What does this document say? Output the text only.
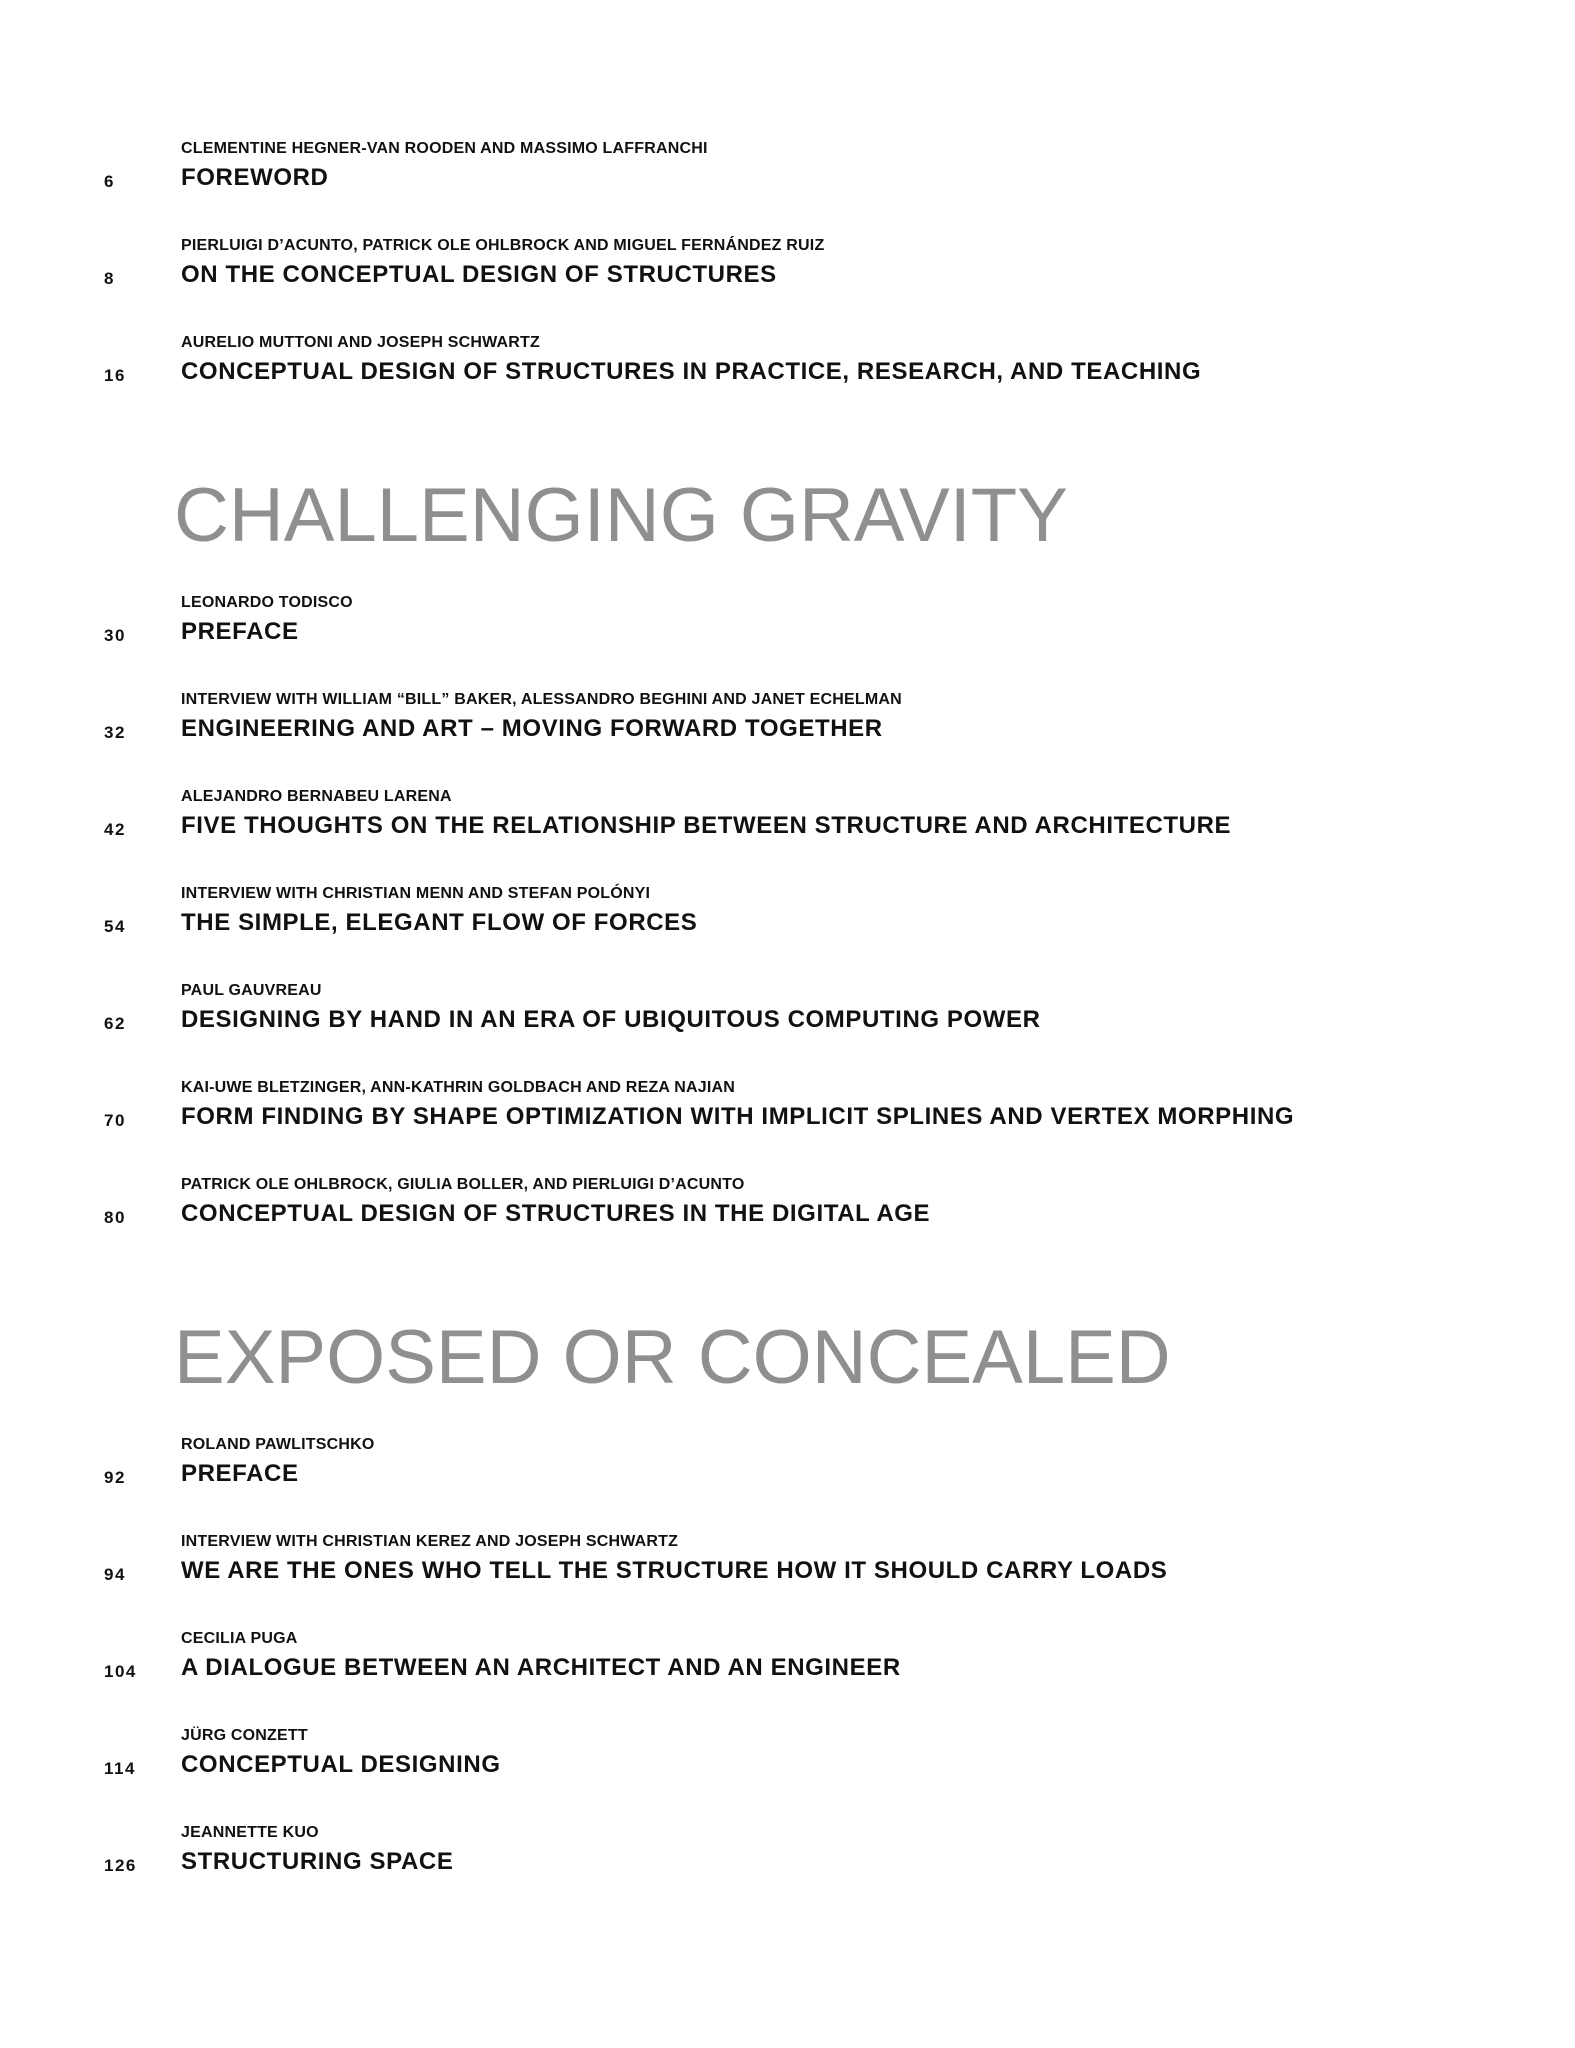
CLEMENTINE HEGNER-VAN ROODEN AND MASSIMO LAFFRANCHI
6	FOREWORD
PIERLUIGI D’ACUNTO, PATRICK OLE OHLBROCK AND MIGUEL FERNÁNDEZ RUIZ
8	ON THE CONCEPTUAL DESIGN OF STRUCTURES
AURELIO MUTTONI AND JOSEPH SCHWARTZ
16 CONCEPTUAL DESIGN OF STRUCTURES IN PRACTICE, RESEARCH, AND TEACHING
CHALLENGING GRAVITY
LEONARDO TODISCO
30 PREFACE
INTERVIEW WITH WILLIAM “BILL” BAKER, ALESSANDRO BEGHINI AND JANET ECHELMAN
32 ENGINEERING AND ART – MOVING FORWARD TOGETHER
ALEJANDRO BERNABEU LARENA
42 FIVE THOUGHTS ON THE RELATIONSHIP BETWEEN STRUCTURE AND ARCHITECTURE
INTERVIEW WITH CHRISTIAN MENN AND STEFAN POLÓNYI
54 THE SIMPLE, ELEGANT FLOW OF FORCES
PAUL GAUVREAU
62 DESIGNING BY HAND IN AN ERA OF UBIQUITOUS COMPUTING POWER
KAI-UWE BLETZINGER, ANN-KATHRIN GOLDBACH AND REZA NAJIAN
70 FORM FINDING BY SHAPE OPTIMIZATION WITH IMPLICIT SPLINES AND VERTEX MORPHING
PATRICK OLE OHLBROCK, GIULIA BOLLER, AND PIERLUIGI D’ACUNTO
80 CONCEPTUAL DESIGN OF STRUCTURES IN THE DIGITAL AGE
EXPOSED OR CONCEALED
ROLAND PAWLITSCHKO
92 PREFACE
INTERVIEW WITH CHRISTIAN KEREZ AND JOSEPH SCHWARTZ
94 WE ARE THE ONES WHO TELL THE STRUCTURE HOW IT SHOULD CARRY LOADS
CECILIA PUGA
104 A DIALOGUE BETWEEN AN ARCHITECT AND AN ENGINEER
JÜRG CONZETT
114 CONCEPTUAL DESIGNING
JEANNETTE KUO
126 STRUCTURING SPACE
